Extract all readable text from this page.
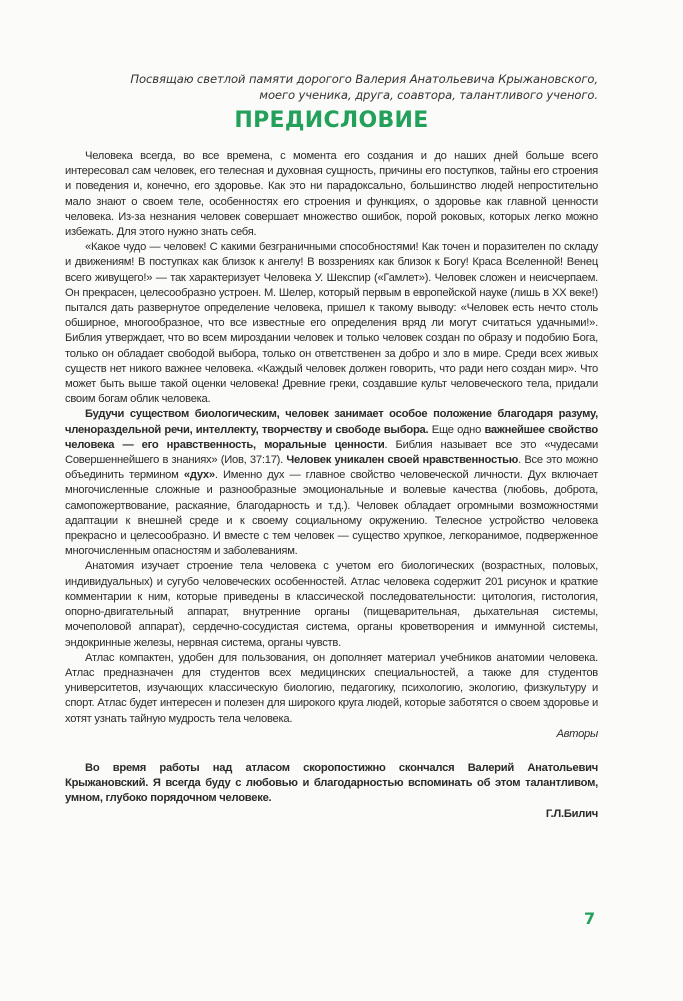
Посвящаю светлой памяти дорогого Валерия Анатольевича Крыжановского,
моего ученика, друга, соавтора, талантливого ученого.
ПРЕДИСЛОВИЕ

Человека всегда, во все времена, с момента его создания и до наших дней больше всего интересовал сам человек, его телесная и духовная сущность, причины его поступков, тайны его строения и поведения и, конечно, его здоровье. Как это ни парадоксально, большинство людей непростительно мало знают о своем теле, особенностях его строения и функциях, о здоровье как главной ценности человека. Из-за незнания человек совершает множество ошибок, порой роковых, которых легко можно избежать. Для этого нужно знать себя.

«Какое чудо — человек! С какими безграничными способностями! Как точен и поразителен по складу и движениям! В поступках как близок к ангелу! В воззрениях как близок к Богу! Краса Вселенной! Венец всего живущего!» — так характеризует Человека У. Шекспир («Гамлет»). Человек сложен и неисчерпаем. Он прекрасен, целесообразно устроен. М. Шелер, который первым в европейской науке (лишь в XX веке!) пытался дать развернутое определение человека, пришел к такому выводу: «Человек есть нечто столь обширное, многообразное, что все известные его определения вряд ли могут считаться удачными!». Библия утверждает, что во всем мироздании человек и только человек создан по образу и подобию Бога, только он обладает свободой выбора, только он ответственен за добро и зло в мире. Среди всех живых существ нет никого важнее человека. «Каждый человек должен говорить, что ради него создан мир». Что может быть выше такой оценки человека! Древние греки, создавшие культ человеческого тела, придали своим богам облик человека.

Будучи существом биологическим, человек занимает особое положение благодаря разуму, членораздельной речи, интеллекту, творчеству и свободе выбора. Еще одно важнейшее свойство человека — его нравственность, моральные ценности. Библия называет все это «чудесами Совершеннейшего в знаниях» (Иов, 37:17). Человек уникален своей нравственностью. Все это можно объединить термином «дух». Именно дух — главное свойство человеческой личности. Дух включает многочисленные сложные и разнообразные эмоциональные и волевые качества (любовь, доброта, самопожертвование, раскаяние, благодарность и т.д.). Человек обладает огромными возможностями адаптации к внешней среде и к своему социальному окружению. Телесное устройство человека прекрасно и целесообразно. И вместе с тем человек — существо хрупкое, легкоранимое, подверженное многочисленным опасностям и заболеваниям.

Анатомия изучает строение тела человека с учетом его биологических (возрастных, половых, индивидуальных) и сугубо человеческих особенностей. Атлас человека содержит 201 рисунок и краткие комментарии к ним, которые приведены в классической последовательности: цитология, гистология, опорно-двигательный аппарат, внутренние органы (пищеварительная, дыхательная системы, мочеполовой аппарат), сердечно-сосудистая система, органы кроветворения и иммунной системы, эндокринные железы, нервная система, органы чувств.

Атлас компактен, удобен для пользования, он дополняет материал учебников анатомии человека. Атлас предназначен для студентов всех медицинских специальностей, а также для студентов университетов, изучающих классическую биологию, педагогику, психологию, экологию, физкультуру и спорт. Атлас будет интересен и полезен для широкого круга людей, которые заботятся о своем здоровье и хотят узнать тайную мудрость тела человека.

Авторы

Во время работы над атласом скоропостижно скончался Валерий Анатольевич Крыжановский. Я всегда буду с любовью и благодарностью вспоминать об этом талантливом, умном, глубоко порядочном человеке.

Г.Л.Билич

7
